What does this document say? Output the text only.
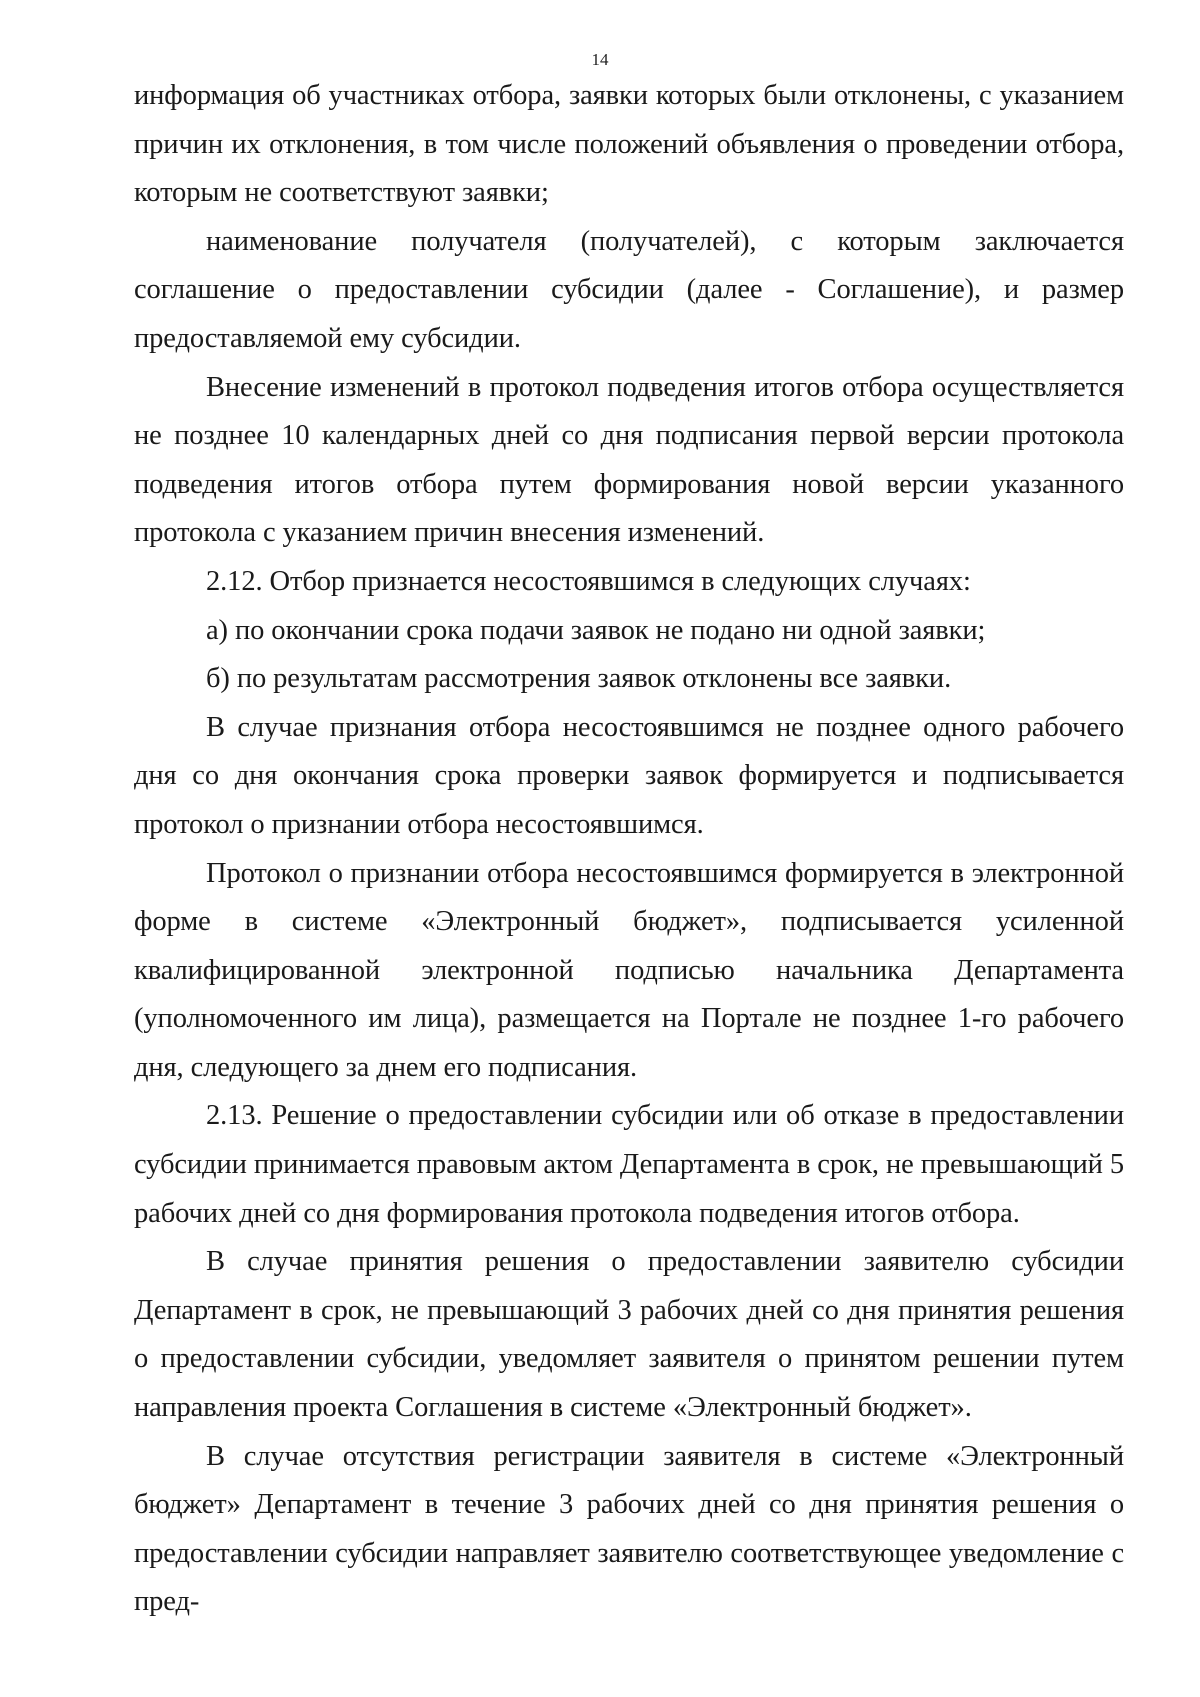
14

информация об участниках отбора, заявки которых были отклонены, с указанием причин их отклонения, в том числе положений объявления о проведении отбора, которым не соответствуют заявки;

наименование получателя (получателей), с которым заключается соглашение о предоставлении субсидии (далее - Соглашение), и размер предоставляемой ему субсидии.

Внесение изменений в протокол подведения итогов отбора осуществляется не позднее 10 календарных дней со дня подписания первой версии протокола подведения итогов отбора путем формирования новой версии указанного протокола с указанием причин внесения изменений.

2.12. Отбор признается несостоявшимся в следующих случаях:

а) по окончании срока подачи заявок не подано ни одной заявки;

б) по результатам рассмотрения заявок отклонены все заявки.

В случае признания отбора несостоявшимся не позднее одного рабочего дня со дня окончания срока проверки заявок формируется и подписывается протокол о признании отбора несостоявшимся.

Протокол о признании отбора несостоявшимся формируется в электронной форме в системе «Электронный бюджет», подписывается усиленной квалифицированной электронной подписью начальника Департамента (уполномоченного им лица), размещается на Портале не позднее 1-го рабочего дня, следующего за днем его подписания.

2.13. Решение о предоставлении субсидии или об отказе в предоставлении субсидии принимается правовым актом Департамента в срок, не превышающий 5 рабочих дней со дня формирования протокола подведения итогов отбора.

В случае принятия решения о предоставлении заявителю субсидии Департамент в срок, не превышающий 3 рабочих дней со дня принятия решения о предоставлении субсидии, уведомляет заявителя о принятом решении путем направления проекта Соглашения в системе «Электронный бюджет».

В случае отсутствия регистрации заявителя в системе «Электронный бюджет» Департамент в течение 3 рабочих дней со дня принятия решения о предоставлении субсидии направляет заявителю соответствующее уведомление с пред-
